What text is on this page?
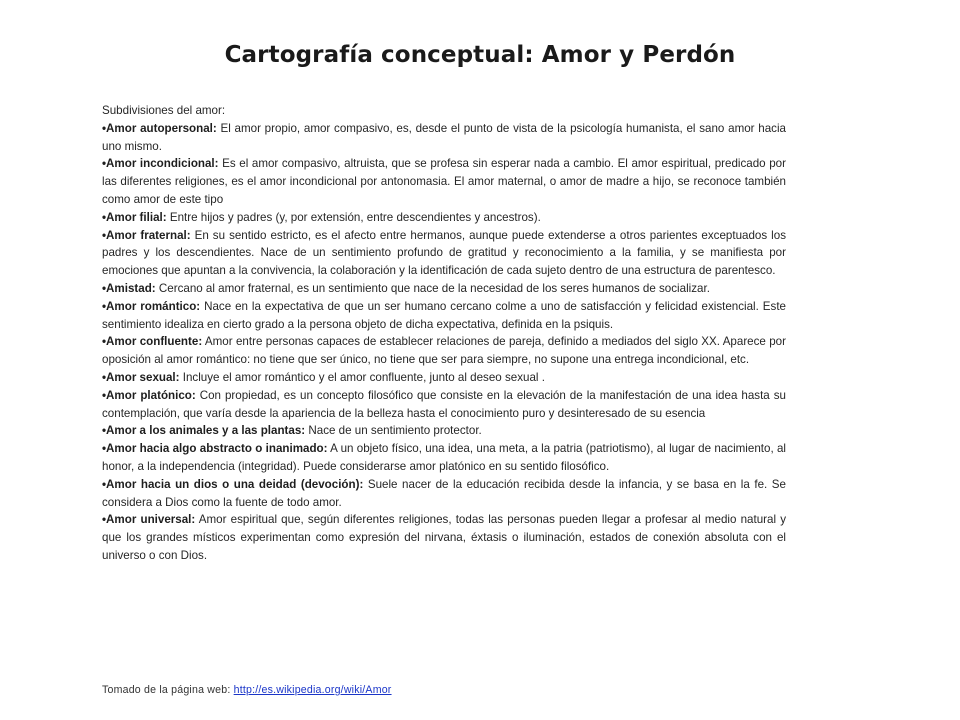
Cartografía conceptual: Amor y Perdón

Subdivisiones del amor:

•Amor autopersonal: El amor propio, amor compasivo, es, desde el punto de vista de la psicología humanista, el sano amor hacia uno mismo.

•Amor incondicional: Es el amor compasivo, altruista, que se profesa sin esperar nada a cambio. El amor espiritual, predicado por las diferentes religiones, es el amor incondicional por antonomasia. El amor maternal, o amor de madre a hijo, se reconoce también como amor de este tipo

•Amor filial: Entre hijos y padres (y, por extensión, entre descendientes y ancestros).

•Amor fraternal: En su sentido estricto, es el afecto entre hermanos, aunque puede extenderse a otros parientes exceptuados los padres y los descendientes. Nace de un sentimiento profundo de gratitud y reconocimiento a la familia, y se manifiesta por emociones que apuntan a la convivencia, la colaboración y la identificación de cada sujeto dentro de una estructura de parentesco.

•Amistad: Cercano al amor fraternal, es un sentimiento que nace de la necesidad de los seres humanos de socializar.

•Amor romántico: Nace en la expectativa de que un ser humano cercano colme a uno de satisfacción y felicidad existencial. Este sentimiento idealiza en cierto grado a la persona objeto de dicha expectativa, definida en la psiquis.

•Amor confluente: Amor entre personas capaces de establecer relaciones de pareja, definido a mediados del siglo XX. Aparece por oposición al amor romántico: no tiene que ser único, no tiene que ser para siempre, no supone una entrega incondicional, etc.

•Amor sexual: Incluye el amor romántico y el amor confluente, junto al deseo sexual .

•Amor platónico: Con propiedad, es un concepto filosófico que consiste en la elevación de la manifestación de una idea hasta su contemplación, que varía desde la apariencia de la belleza hasta el conocimiento puro y desinteresado de su esencia

•Amor a los animales y a las plantas: Nace de un sentimiento protector.

•Amor hacia algo abstracto o inanimado: A un objeto físico, una idea, una meta, a la patria (patriotismo), al lugar de nacimiento, al honor, a la independencia (integridad). Puede considerarse amor platónico en su sentido filosófico.

•Amor hacia un dios o una deidad (devoción): Suele nacer de la educación recibida desde la infancia, y se basa en la fe. Se considera a Dios como la fuente de todo amor.

•Amor universal: Amor espiritual que, según diferentes religiones, todas las personas pueden llegar a profesar al medio natural y que los grandes místicos experimentan como expresión del nirvana, éxtasis o iluminación, estados de conexión absoluta con el universo o con Dios.

Tomado de la página web: http://es.wikipedia.org/wiki/Amor
